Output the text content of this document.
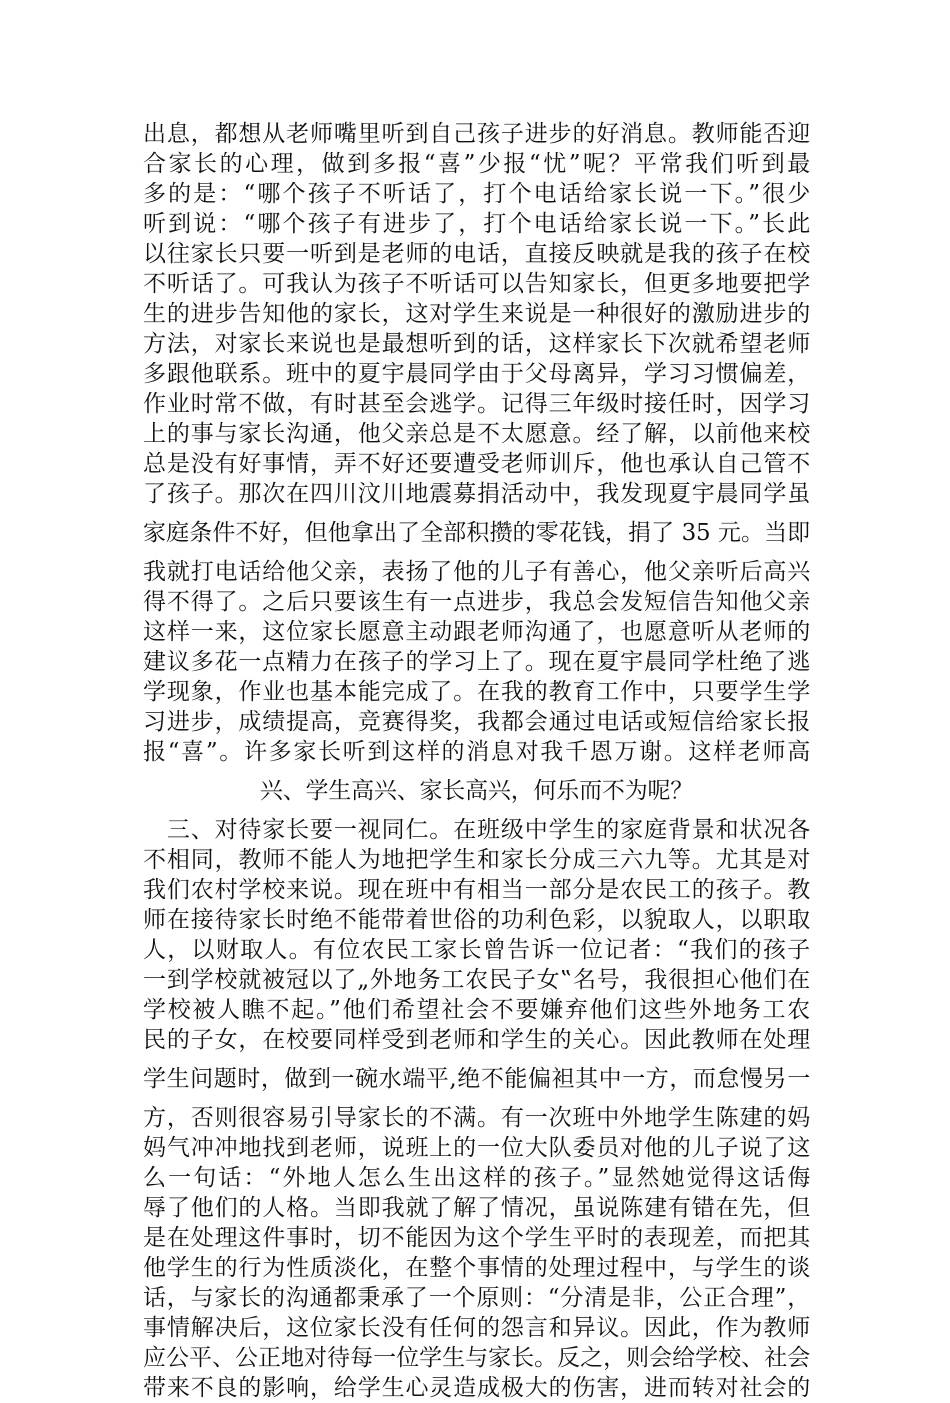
出息，都想从老师嘴里听到自己孩子进步的好消息。教师能否迎
合家长的心理，做到多报“喜”少报“忧”呢？平常我们听到最
多的是：“哪个孩子不听话了，打个电话给家长说一下。”很少
听到说：“哪个孩子有进步了，打个电话给家长说一下。”长此
以往家长只要一听到是老师的电话，直接反映就是我的孩子在校
不听话了。可我认为孩子不听话可以告知家长，但更多地要把学
生的进步告知他的家长，这对学生来说是一种很好的激励进步的
方法，对家长来说也是最想听到的话，这样家长下次就希望老师
多跟他联系。班中的夏宇晨同学由于父母离异，学习习惯偏差，
作业时常不做，有时甚至会逃学。记得三年级时接任时，因学习
上的事与家长沟通，他父亲总是不太愿意。经了解，以前他来校
总是没有好事情，弄不好还要遭受老师训斥，他也承认自己管不
了孩子。那次在四川汶川地震募捐活动中，我发现夏宇晨同学虽
家庭条件不好，但他拿出了全部积攒的零花钱，捐了 35 元。当即
我就打电话给他父亲，表扬了他的儿子有善心，他父亲听后高兴
得不得了。之后只要该生有一点进步，我总会发短信告知他父亲
这样一来，这位家长愿意主动跟老师沟通了，也愿意听从老师的
建议多花一点精力在孩子的学习上了。现在夏宇晨同学杜绝了逃
学现象，作业也基本能完成了。在我的教育工作中，只要学生学
习进步，成绩提高，竞赛得奖，我都会通过电话或短信给家长报
报“喜”。许多家长听到这样的消息对我千恩万谢。这样老师高
兴、学生高兴、家长高兴，何乐而不为呢？
　三、对待家长要一视同仁。在班级中学生的家庭背景和状况各
不相同，教师不能人为地把学生和家长分成三六九等。尤其是对
我们农村学校来说。现在班中有相当一部分是农民工的孩子。教
师在接待家长时绝不能带着世俗的功利色彩，以貌取人，以职取
人，以财取人。有位农民工家长曾告诉一位记者：“我们的孩子
一到学校就被冠以了„外地务工农民子女‟名号，我很担心他们在
学校被人瞧不起。”他们希望社会不要嫌弃他们这些外地务工农
民的子女，在校要同样受到老师和学生的关心。因此教师在处理
学生问题时，做到一碗水端平,绝不能偏袒其中一方，而怠慢另一
方，否则很容易引导家长的不满。有一次班中外地学生陈建的妈
妈气冲冲地找到老师，说班上的一位大队委员对他的儿子说了这
么一句话：“外地人怎么生出这样的孩子。”显然她觉得这话侮
辱了他们的人格。当即我就了解了情况，虽说陈建有错在先，但
是在处理这件事时，切不能因为这个学生平时的表现差，而把其
他学生的行为性质淡化，在整个事情的处理过程中，与学生的谈
话，与家长的沟通都秉承了一个原则：“分清是非，公正合理”，
事情解决后，这位家长没有任何的怨言和异议。因此，作为教师
应公平、公正地对待每一位学生与家长。反之，则会给学校、社会
带来不良的影响，给学生心灵造成极大的伤害，进而转对社会的
